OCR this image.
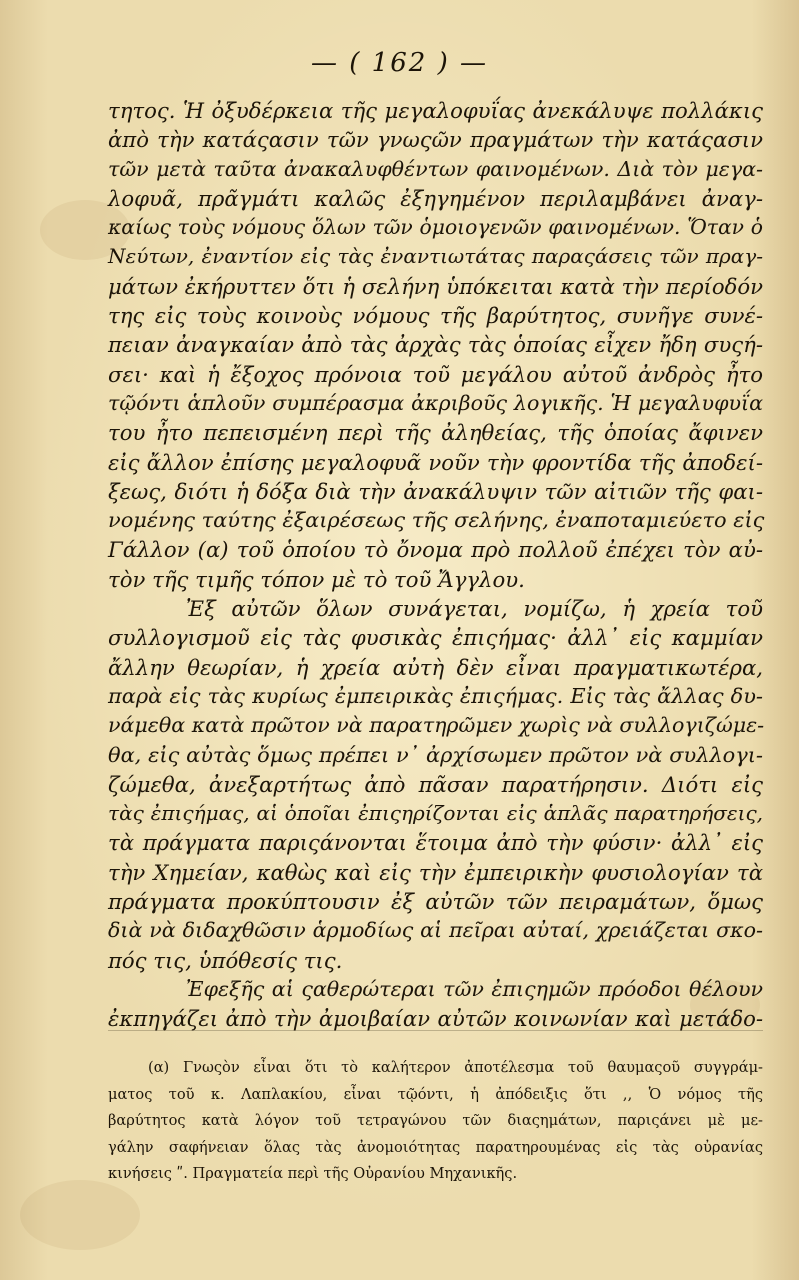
— ( 162 ) —
τητος. Ἡ ὀξυδέρκεια τῆς μεγαλοφυΐας ἀνεκάλυψε πολλάκις
ἀπὸ τὴν κατάςασιν τῶν γνωςῶν πραγμάτων τὴν κατάςασιν
τῶν μετὰ ταῦτα ἀνακαλυφθέντων φαινομένων. Διὰ τὸν μεγα-
λοφυᾶ, πρᾶγμάτι καλῶς ἐξηγημένον περιλαμβάνει ἀναγ-
καίως τοὺς νόμους ὅλων τῶν ὁμοιογενῶν φαινομένων. Ὅταν ὁ
Νεύτων, ἐναντίον εἰς τὰς ἐναντιωτάτας παραςάσεις τῶν πραγ-
μάτων ἐκήρυττεν ὅτι ἡ σελήνη ὑπόκειται κατὰ τὴν περίοδόν
της εἰς τοὺς κοινοὺς νόμους τῆς βαρύτητος, συνῆγε συνέ-
πειαν ἀναγκαίαν ἀπὸ τὰς ἀρχὰς τὰς ὁποίας εἶχεν ἤδη συςή-
σει· καὶ ἡ ἔξοχος πρόνοια τοῦ μεγάλου αὐτοῦ ἀνδρὸς ἦτο
τῷόντι ἁπλοῦν συμπέρασμα ἀκριβοῦς λογικῆς. Ἡ μεγαλυφυΐα
του ἦτο πεπεισμένη περὶ τῆς ἀληθείας, τῆς ὁποίας ἄφινεν
εἰς ἄλλον ἐπίσης μεγαλοφυᾶ νοῦν τὴν φροντίδα τῆς ἀποδεί-
ξεως, διότι ἡ δόξα διὰ τὴν ἀνακάλυψιν τῶν αἰτιῶν τῆς φαι-
νομένης ταύτης ἐξαιρέσεως τῆς σελήνης, ἐναποταμιεύετο εἰς
Γάλλον (α) τοῦ ὁποίου τὸ ὄνομα πρὸ πολλοῦ ἐπέχει τὸν αὐ-
τὸν τῆς τιμῆς τόπον μὲ τὸ τοῦ Ἄγγλου.
Ἐξ αὐτῶν ὅλων συνάγεται, νομίζω, ἡ χρεία τοῦ
συλλογισμοῦ εἰς τὰς φυσικὰς ἐπιςήμας· ἀλλ᾽ εἰς καμμίαν
ἄλλην θεωρίαν, ἡ χρεία αὐτὴ δὲν εἶναι πραγματικωτέρα,
παρὰ εἰς τὰς κυρίως ἐμπειρικὰς ἐπιςήμας. Εἰς τὰς ἄλλας δυ-
νάμεθα κατὰ πρῶτον νὰ παρατηρῶμεν χωρὶς νὰ συλλογιζώμε-
θα, εἰς αὐτὰς ὅμως πρέπει ν᾽ ἀρχίσωμεν πρῶτον νὰ συλλογι-
ζώμεθα, ἀνεξαρτήτως ἀπὸ πᾶσαν παρατήρησιν. Διότι εἰς
τὰς ἐπιςήμας, αἱ ὁποῖαι ἐπιςηρίζονται εἰς ἁπλᾶς παρατηρήσεις,
τὰ πράγματα παριςάνονται ἕτοιμα ἀπὸ τὴν φύσιν· ἀλλ᾽ εἰς
τὴν Χημείαν, καθὼς καὶ εἰς τὴν ἐμπειρικὴν φυσιολογίαν τὰ
πράγματα προκύπτουσιν ἐξ αὐτῶν τῶν πειραμάτων, ὅμως
διὰ νὰ διδαχθῶσιν ἁρμοδίως αἱ πεῖραι αὐταί, χρειάζεται σκο-
πός τις, ὑπόθεσίς τις.
Ἐφεξῆς αἱ ςαθερώτεραι τῶν ἐπιςημῶν πρόοδοι θέλουν
ἐκπηγάζει ἀπὸ τὴν ἀμοιβαίαν αὐτῶν κοινωνίαν καὶ μετάδο-
(α) Γνωςὸν εἶναι ὅτι τὸ καλήτερον ἀποτέλεσμα τοῦ θαυμαςοῦ συγγράμ-
ματος τοῦ κ. Λαπλακίου, εἶναι τῷόντι, ἡ ἀπόδειξις ὅτι ,, Ὁ νόμος τῆς
βαρύτητος κατὰ λόγον τοῦ τετραγώνου τῶν διαςημάτων, παριςάνει μὲ με-
γάλην σαφήνειαν ὅλας τὰς ἀνομοιότητας παρατηρουμένας εἰς τὰς οὐρανίας
κινήσεις ʺ. Πραγματεία περὶ τῆς Οὐρανίου Μηχανικῆς.
